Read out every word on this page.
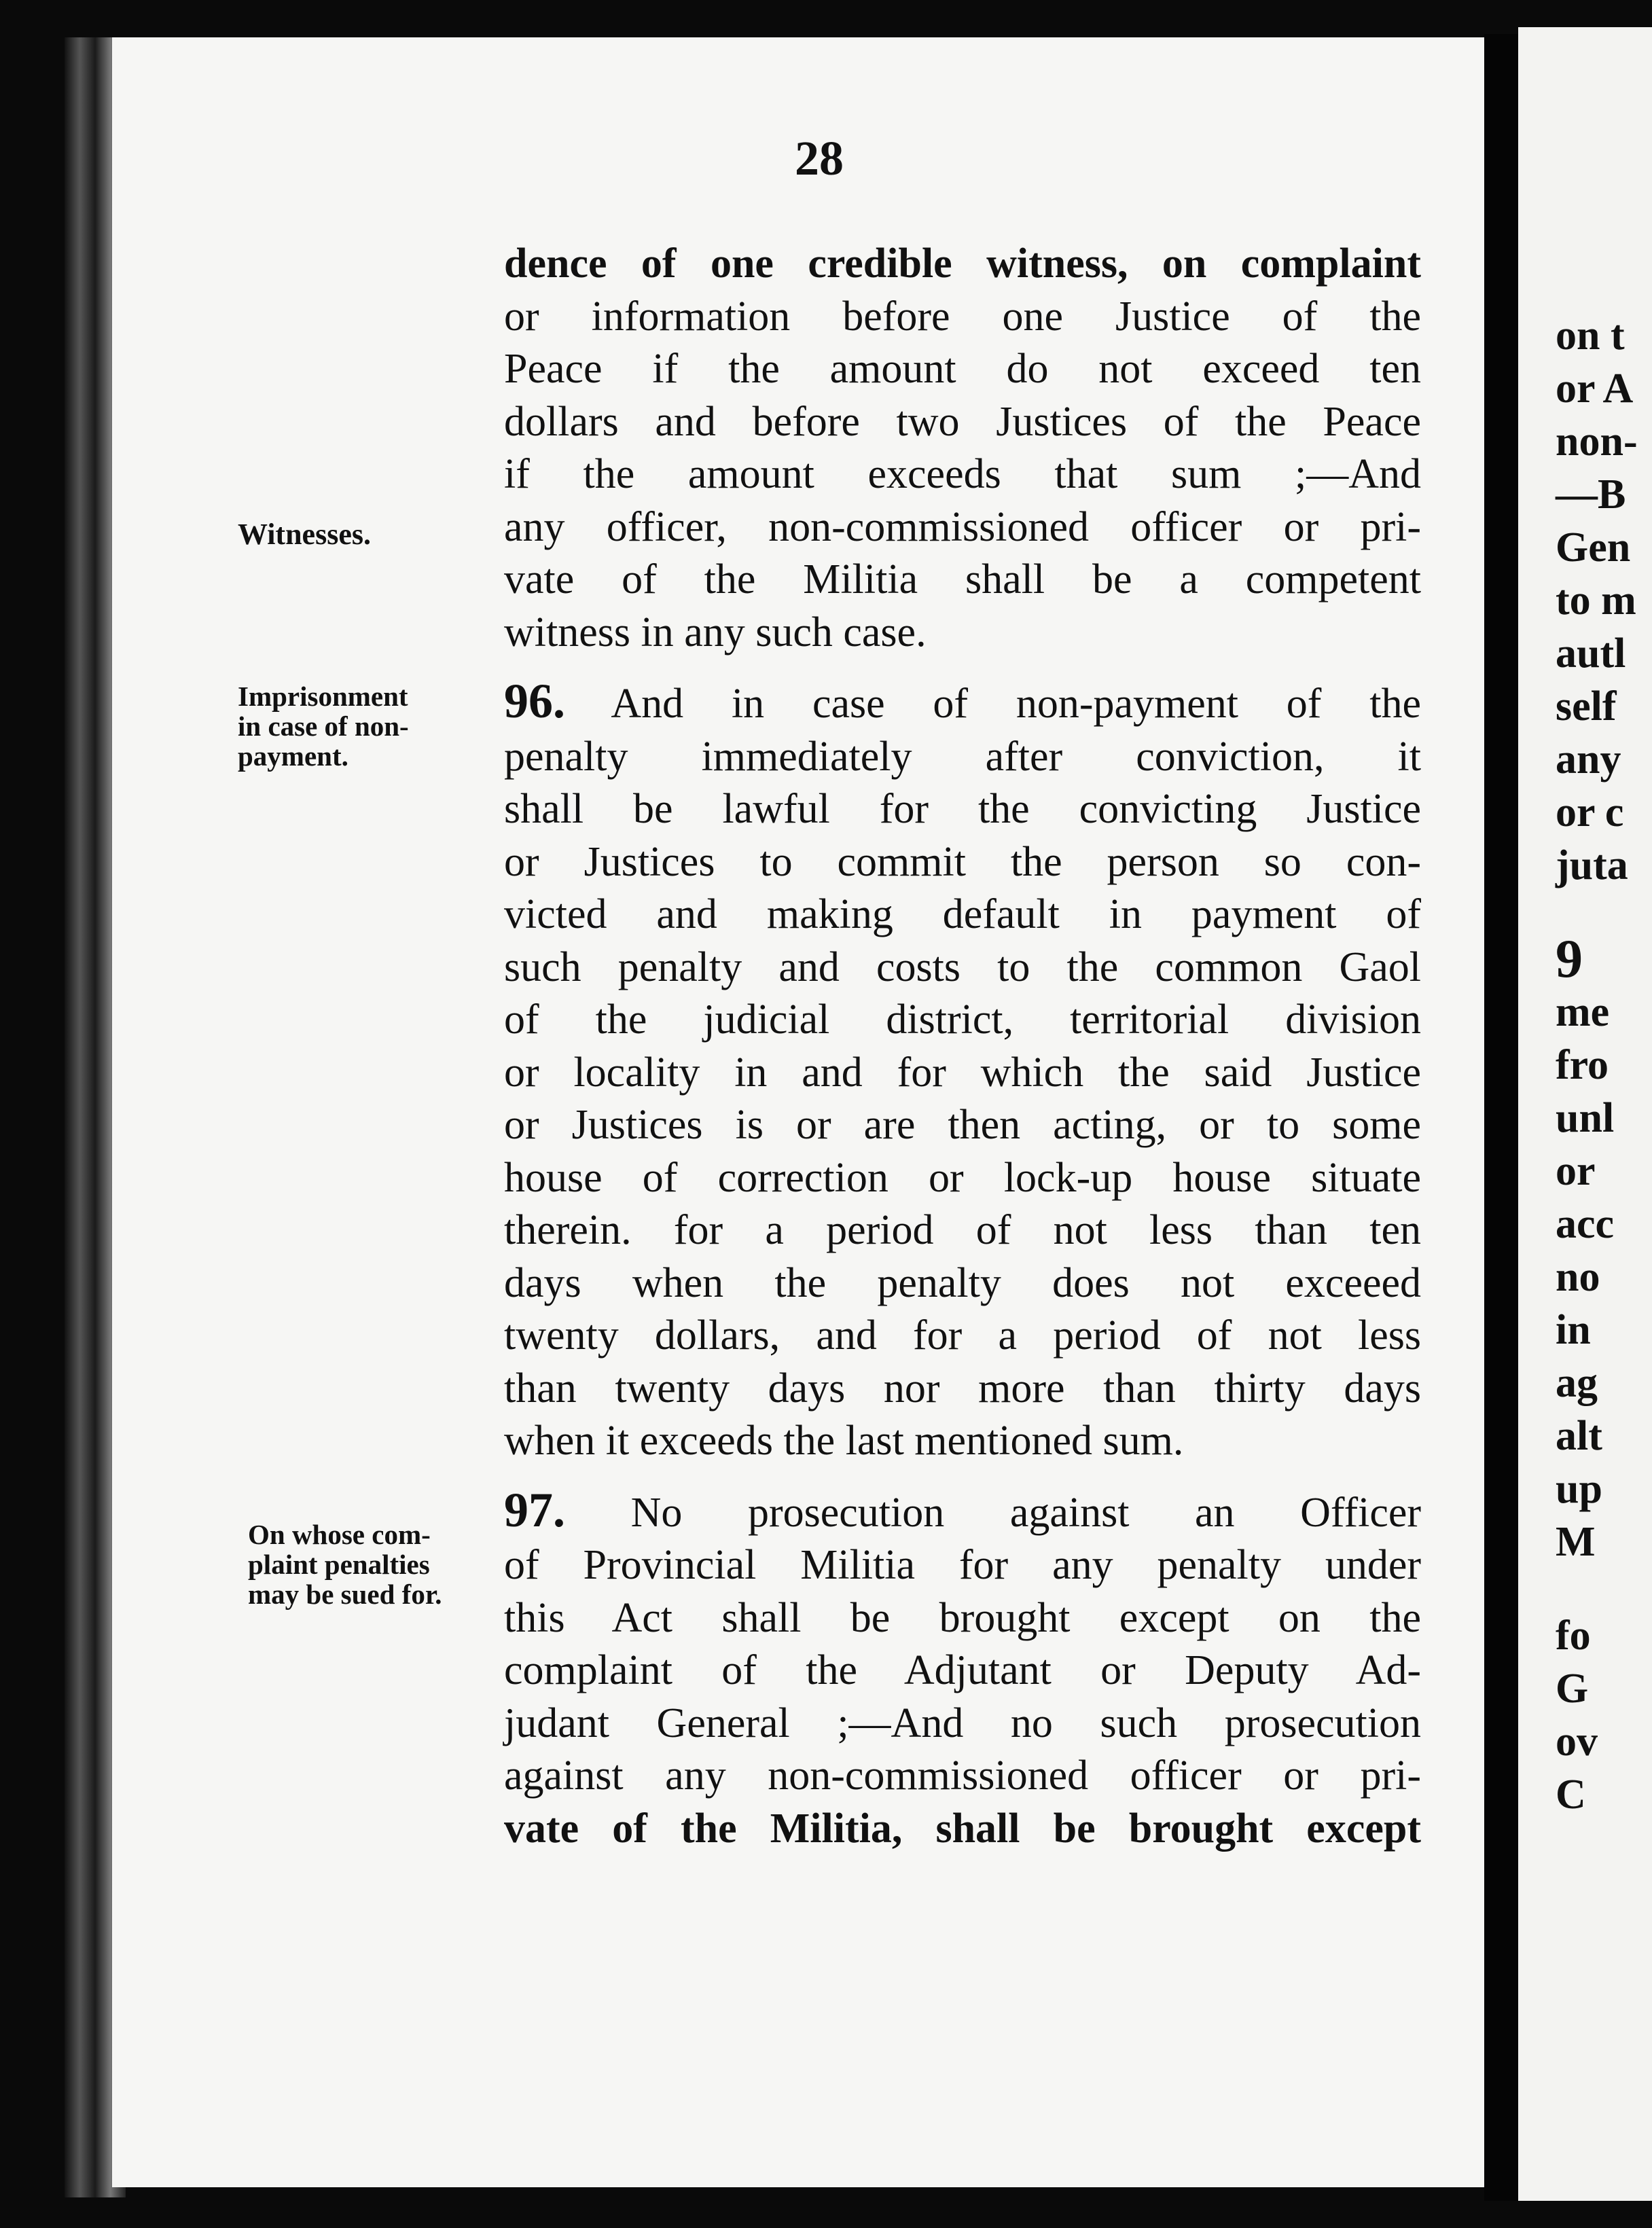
28
Witnesses.
Imprisonment
in case of non-
payment.
On whose com-
plaint penalties
may be sued for.
dence of one credible witness, on complaint
or information before one Justice of the
Peace if the amount do not exceed ten
dollars and before two Justices of the Peace
if the amount exceeds that sum ;—And
any officer, non-commissioned officer or pri-
vate of the Militia shall be a competent
witness in any such case.
96. And in case of non-payment of the
penalty immediately after conviction, it
shall be lawful for the convicting Justice
or Justices to commit the person so con-
victed and making default in payment of
such penalty and costs to the common Gaol
of the judicial district, territorial division
or locality in and for which the said Justice
or Justices is or are then acting, or to some
house of correction or lock-up house situate
therein. for a period of not less than ten
days when the penalty does not exceeed
twenty dollars, and for a period of not less
than twenty days nor more than thirty days
when it exceeds the last mentioned sum.
97. No prosecution against an Officer
of Provincial Militia for any penalty under
this Act shall be brought except on the
complaint of the Adjutant or Deputy Ad-
judant General ;—And no such prosecution
against any non-commissioned officer or pri-
vate of the Militia, shall be brought except
on t
or A
non-
—B
Gen
to m
autl
self
any
or c
juta
9
me
fro
unl
or
acc
no
in
ag
alt
up
M
fo
G
ov
C
